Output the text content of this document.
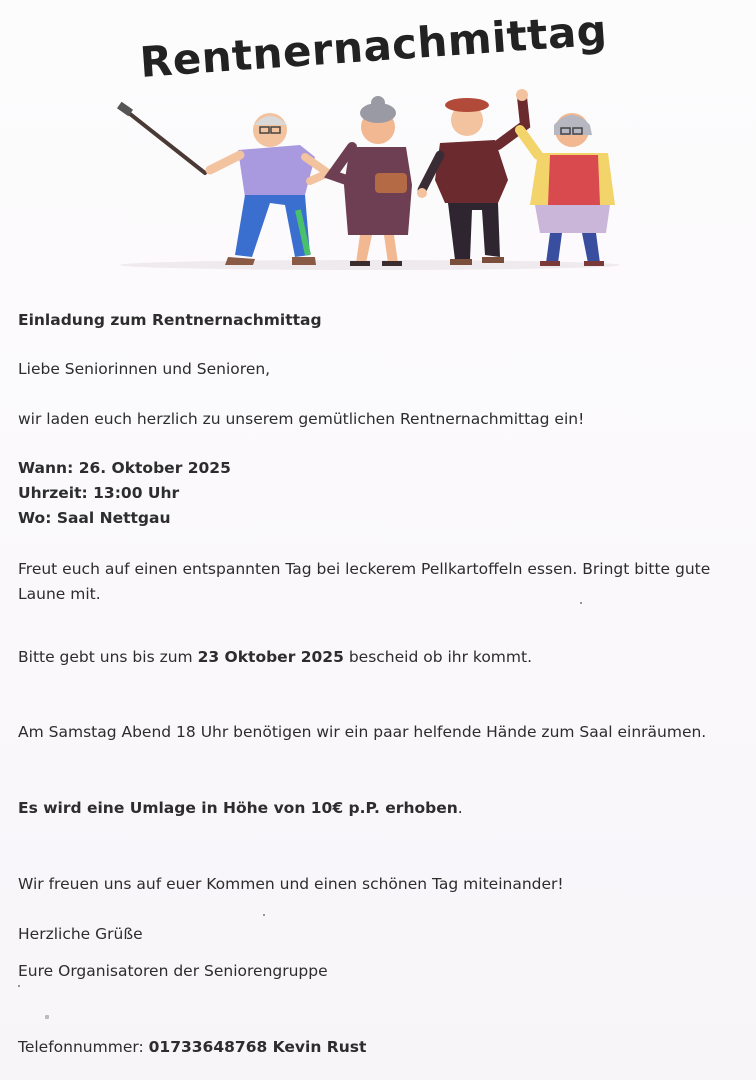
Rentnernachmittag
Einladung zum Rentnernachmittag
Liebe Seniorinnen und Senioren,
wir laden euch herzlich zu unserem gemütlichen Rentnernachmittag ein!
Wann: 26. Oktober 2025
Uhrzeit: 13:00 Uhr
Wo: Saal Nettgau
Freut euch auf einen entspannten Tag bei leckerem Pellkartoffeln essen. Bringt bitte gute Laune mit.
Bitte gebt uns bis zum 23 Oktober 2025 bescheid ob ihr kommt.
Am Samstag Abend 18 Uhr benötigen wir ein paar helfende Hände zum Saal einräumen.
Es wird eine Umlage in Höhe von 10€ p.P. erhoben.
Wir freuen uns auf euer Kommen und einen schönen Tag miteinander!
Herzliche Grüße
Eure Organisatoren der Seniorengruppe
Telefonnummer: 01733648768 Kevin Rust
